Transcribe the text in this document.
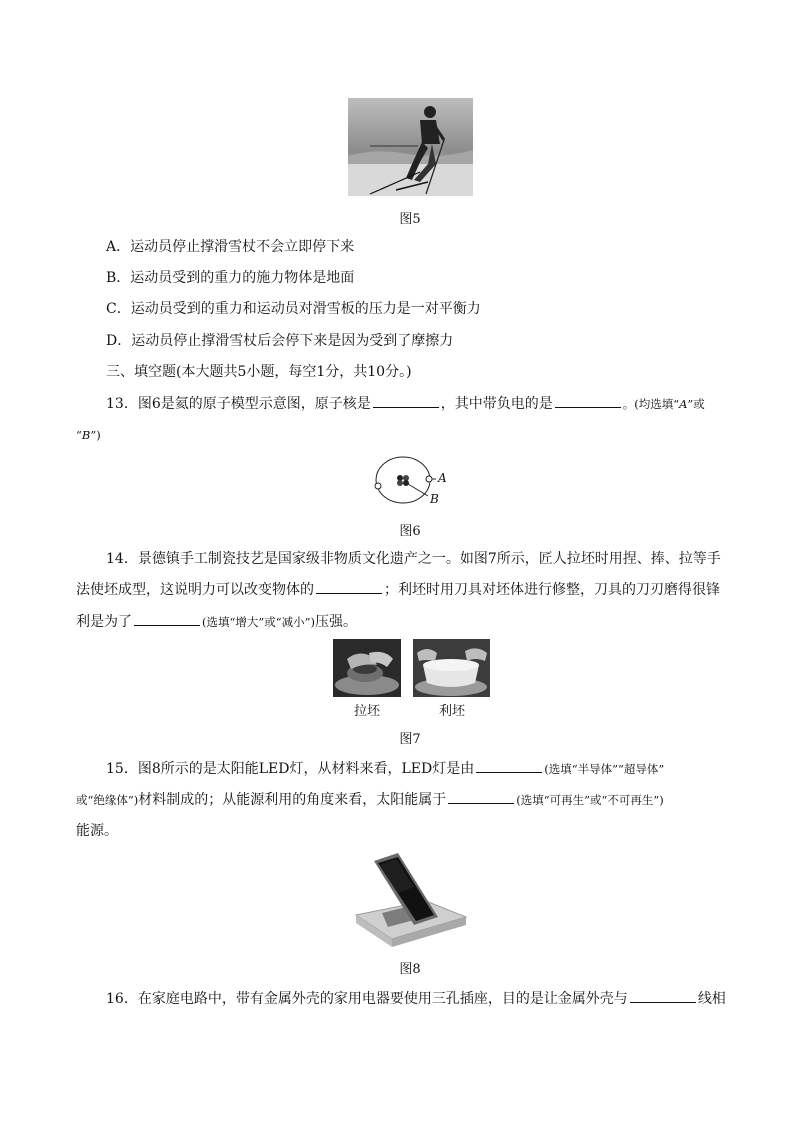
图5
A．运动员停止撑滑雪杖不会立即停下来
B．运动员受到的重力的施力物体是地面
C．运动员受到的重力和运动员对滑雪板的压力是一对平衡力
D．运动员停止撑滑雪杖后会停下来是因为受到了摩擦力
三、填空题(本大题共5小题，每空1分，共10分。)
13．图6是氦的原子模型示意图，原子核是	，其中带负电的是	。(均选填“A”或
“B”)
A
B
图6
14．景德镇手工制瓷技艺是国家级非物质文化遗产之一。如图7所示，匠人拉坯时用捏、捧、拉等手
法使坯成型，这说明力可以改变物体的	；利坯时用刀具对坯体进行修整，刀具的刀刃磨得很锋
利是为了	(选填“增大”或“减小”)压强。
拉坯	利坯
图7
15．图8所示的是太阳能LED灯，从材料来看，LED灯是由	(选填“半导体”“超导体”
或“绝缘体”)材料制成的；从能源利用的角度来看，太阳能属于	(选填“可再生”或“不可再生”)
能源。
图8
16．在家庭电路中，带有金属外壳的家用电器要使用三孔插座，目的是让金属外壳与	线相
